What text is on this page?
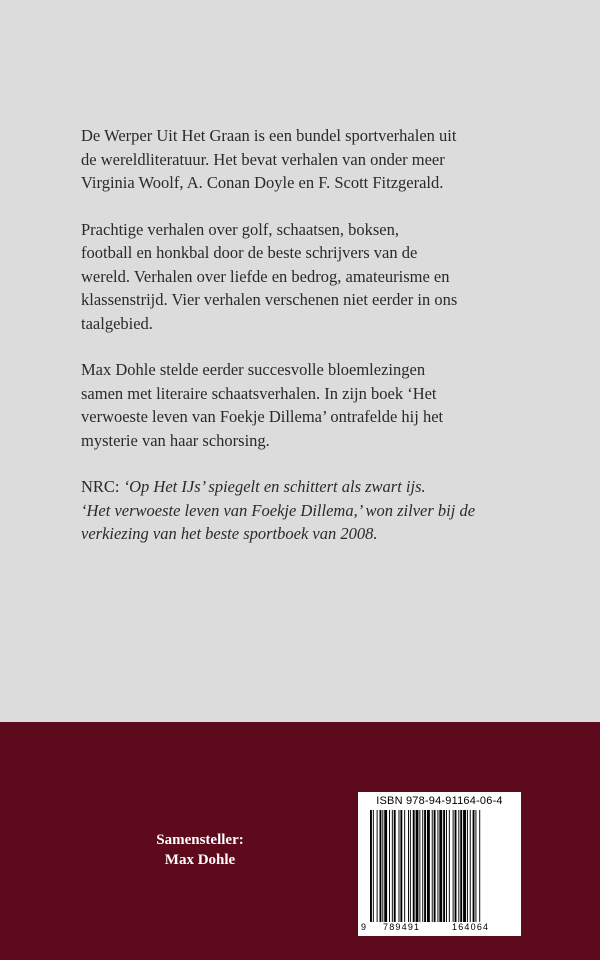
De Werper Uit Het Graan is een bundel sportverhalen uit
de wereldliteratuur. Het bevat verhalen van onder meer
Virginia Woolf, A. Conan Doyle en F. Scott Fitzgerald.

Prachtige verhalen over golf, schaatsen, boksen,
football en honkbal door de beste schrijvers van de
wereld. Verhalen over liefde en bedrog, amateurisme en
klassenstrijd. Vier verhalen verschenen niet eerder in ons
taalgebied.

Max Dohle stelde eerder succesvolle bloemlezingen
samen met literaire schaatsverhalen. In zijn boek ‘Het
verwoeste leven van Foekje Dillema’ ontrafelde hij het
mysterie van haar schorsing.

NRC: ‘Op Het IJs’ spiegelt en schittert als zwart ijs.
‘Het verwoeste leven van Foekje Dillema,’ won zilver bij de
verkiezing van het beste sportboek van 2008.

Samensteller:
Max Dohle
ISBN 978-94-91164-06-4
9 789491	164064
